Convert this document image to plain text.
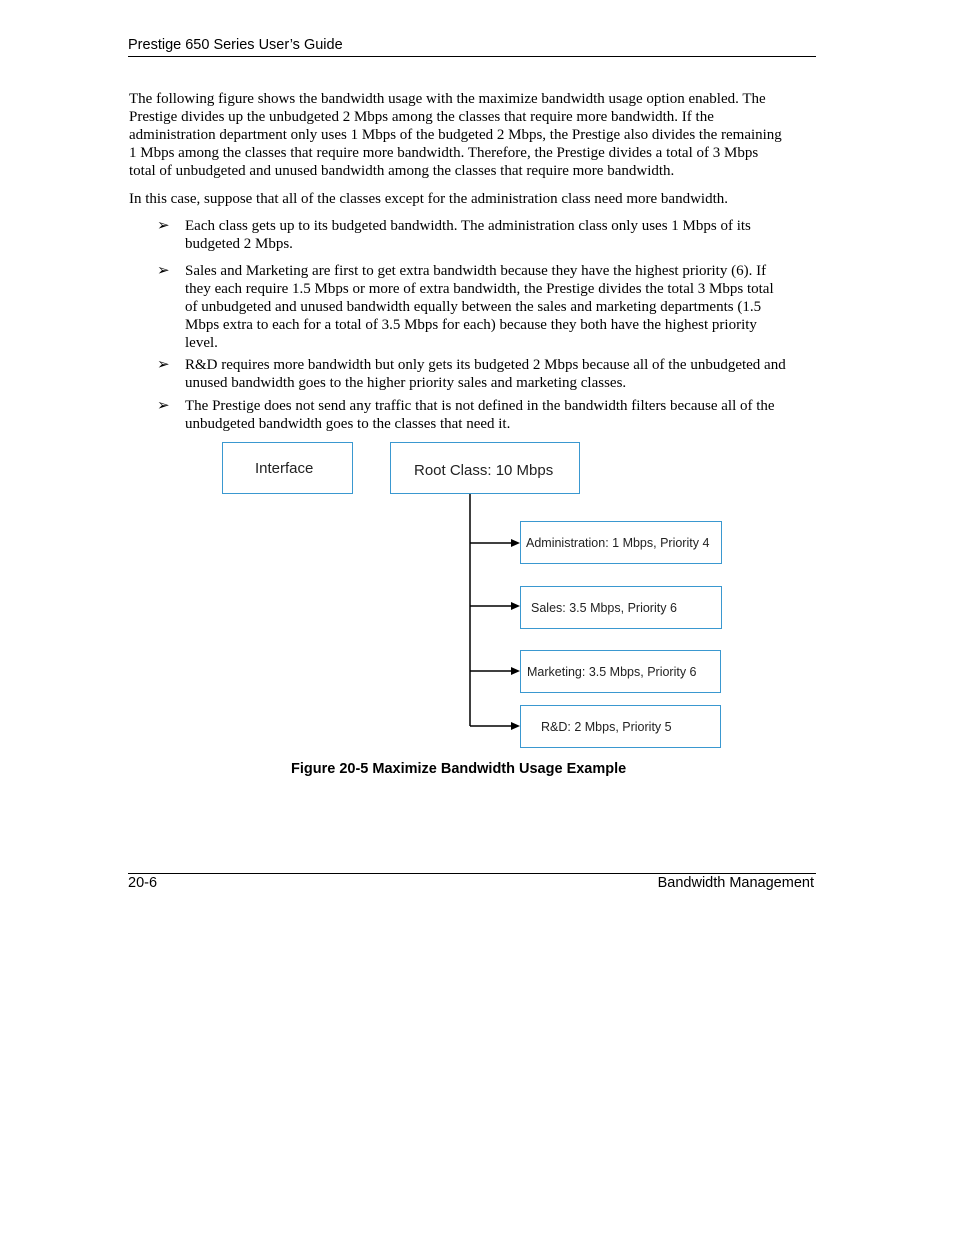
Prestige 650 Series User’s Guide
The following figure shows the bandwidth usage with the maximize bandwidth usage option enabled. The
Prestige divides up the unbudgeted 2 Mbps among the classes that require more bandwidth. If the
administration department only uses 1 Mbps of the budgeted 2 Mbps, the Prestige also divides the remaining
1 Mbps among the classes that require more bandwidth. Therefore, the Prestige divides a total of 3 Mbps
total of unbudgeted and unused bandwidth among the classes that require more bandwidth.
In this case, suppose that all of the classes except for the administration class need more bandwidth.
➢	Each class gets up to its budgeted bandwidth. The administration class only uses 1 Mbps of its
budgeted 2 Mbps.
➢	Sales and Marketing are first to get extra bandwidth because they have the highest priority (6). If
they each require 1.5 Mbps or more of extra bandwidth, the Prestige divides the total 3 Mbps total
of unbudgeted and unused bandwidth equally between the sales and marketing departments (1.5
Mbps extra to each for a total of 3.5 Mbps for each) because they both have the highest priority
level.
➢	R&D requires more bandwidth but only gets its budgeted 2 Mbps because all of the unbudgeted and
unused bandwidth goes to the higher priority sales and marketing classes.
➢	The Prestige does not send any traffic that is not defined in the bandwidth filters because all of the
unbudgeted bandwidth goes to the classes that need it.
Interface	Root Class: 10 Mbps
Administration: 1 Mbps, Priority 4
Sales: 3.5 Mbps, Priority 6
Marketing: 3.5 Mbps, Priority 6
R&D: 2 Mbps, Priority 5
Figure 20-5 Maximize Bandwidth Usage Example
20-6	Bandwidth Management
